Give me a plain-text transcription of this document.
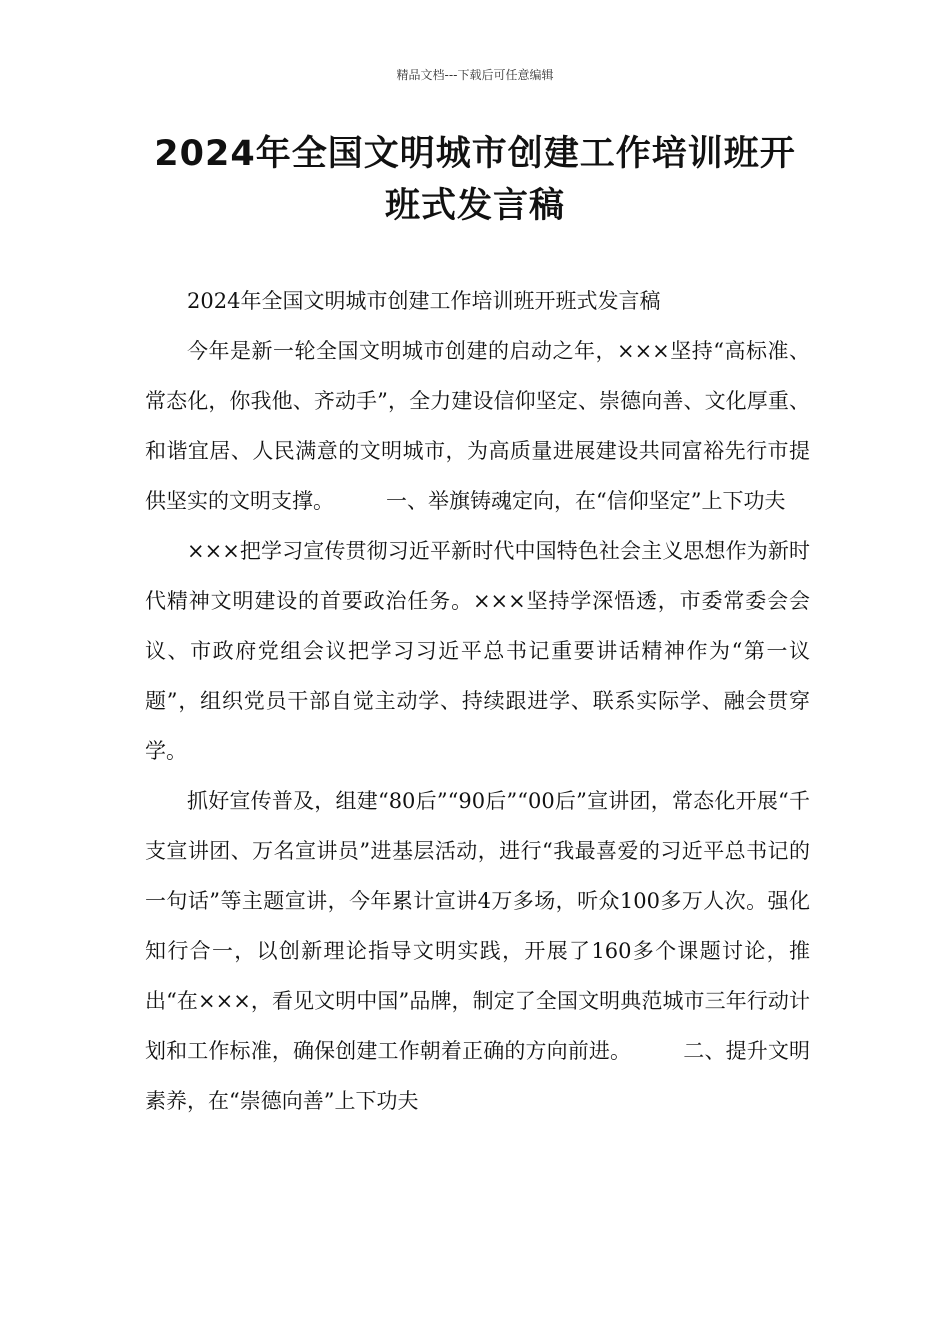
精品文档---下载后可任意编辑
2024年全国文明城市创建工作培训班开
班式发言稿

2024年全国文明城市创建工作培训班开班式发言稿

今年是新一轮全国文明城市创建的启动之年，×××坚持“高标准、常态化，你我他、齐动手”，全力建设信仰坚定、崇德向善、文化厚重、和谐宜居、人民满意的文明城市，为高质量进展建设共同富裕先行市提供坚实的文明支撑。 一、举旗铸魂定向，在“信仰坚定”上下功夫

×××把学习宣传贯彻习近平新时代中国特色社会主义思想作为新时代精神文明建设的首要政治任务。×××坚持学深悟透，市委常委会会议、市政府党组会议把学习习近平总书记重要讲话精神作为“第一议题”，组织党员干部自觉主动学、持续跟进学、联系实际学、融会贯穿学。

抓好宣传普及，组建“80后”“90后”“00后”宣讲团，常态化开展“千支宣讲团、万名宣讲员”进基层活动，进行“我最喜爱的习近平总书记的一句话”等主题宣讲，今年累计宣讲4万多场，听众100多万人次。强化知行合一，以创新理论指导文明实践，开展了160多个课题讨论，推出“在×××，看见文明中国”品牌，制定了全国文明典范城市三年行动计划和工作标准，确保创建工作朝着正确的方向前进。 二、提升文明素养，在“崇德向善”上下功夫
